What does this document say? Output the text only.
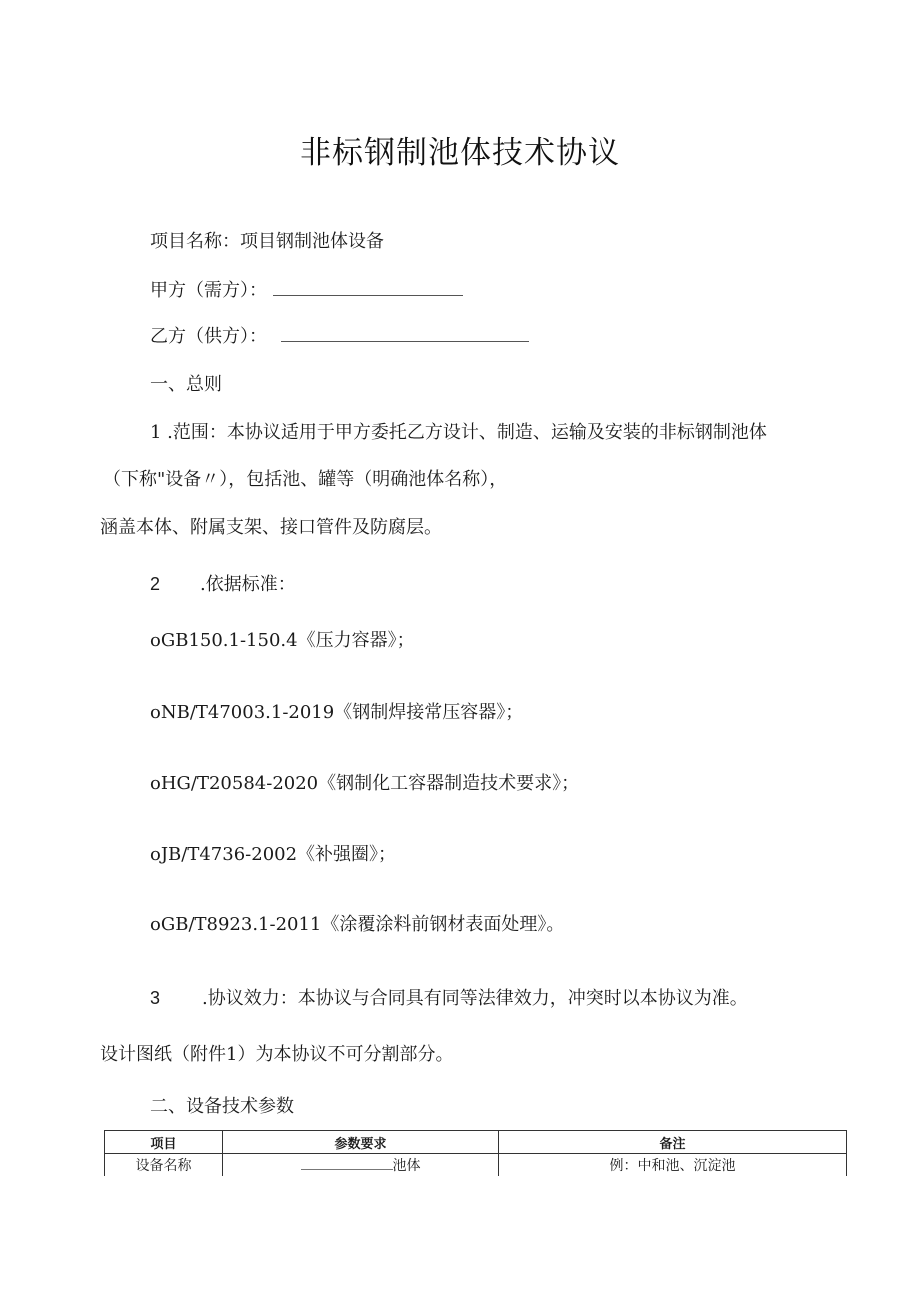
非标钢制池体技术协议
项目名称：项目钢制池体设备
甲方（需方）：
乙方（供方）：
一、总则
1 .范围：本协议适用于甲方委托乙方设计、制造、运输及安装的非标钢制池体
（下称"设备〃），包括池、罐等（明确池体名称），
涵盖本体、附属支架、接口管件及防腐层。
2 .依据标准：
oGB150.1-150.4《压力容器》；
oNB/T47003.1-2019《钢制焊接常压容器》；
oHG/T20584-2020《钢制化工容器制造技术要求》；
oJB/T4736-2002《补强圈》；
oGB/T8923.1-2011《涂覆涂料前钢材表面处理》。
3 .协议效力：本协议与合同具有同等法律效力，冲突时以本协议为准。
设计图纸（附件1）为本协议不可分割部分。
二、设备技术参数
项目	参数要求	备注
设备名称	池体	例：中和池、沉淀池
